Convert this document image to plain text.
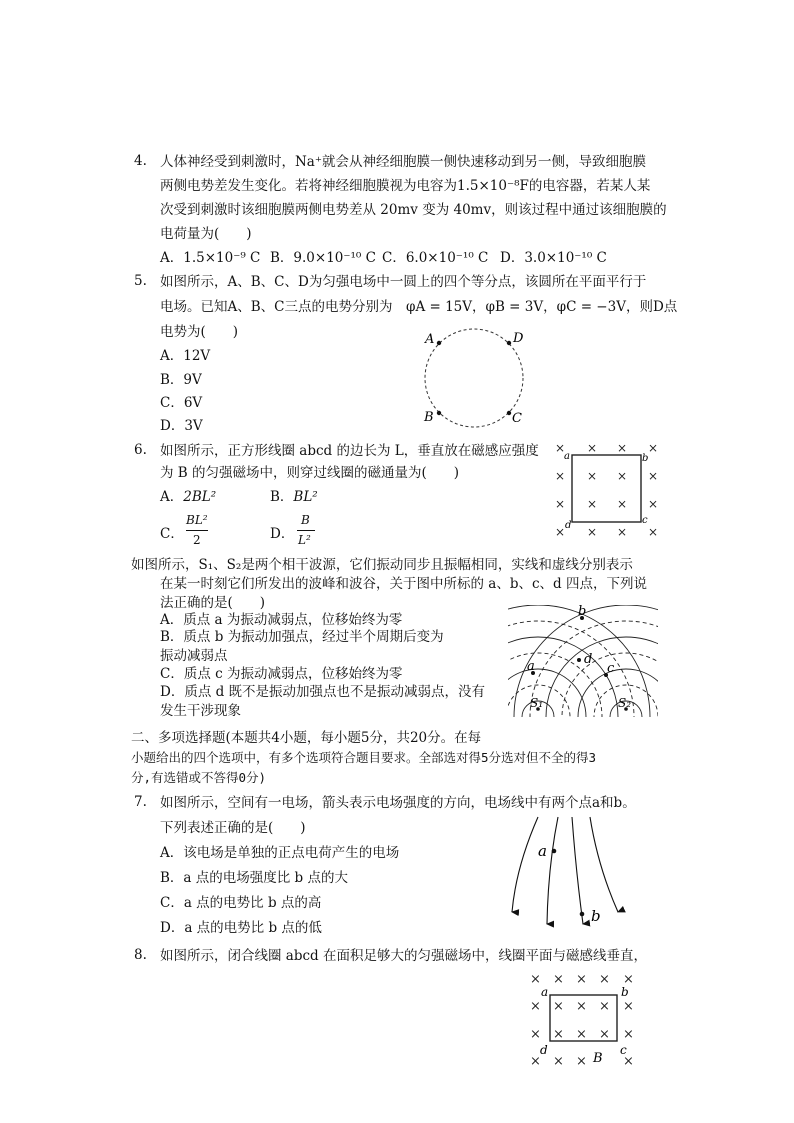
4. 人体神经受到刺激时，Na⁺就会从神经细胞膜一侧快速移动到另一侧，导致细胞膜
两侧电势差发生变化。若将神经细胞膜视为电容为1.5×10⁻⁸F的电容器，若某人某
次受到刺激时该细胞膜两侧电势差从 20mv 变为 40mv，则该过程中通过该细胞膜的
电荷量为(　　)
A．1.5×10⁻⁹ C B．9.0×10⁻¹⁰ C C．6.0×10⁻¹⁰ C D．3.0×10⁻¹⁰ C
5. 如图所示，A、B、C、D为匀强电场中一圆上的四个等分点，该圆所在平面平行于
电场。已知A、B、C三点的电势分别为　φA = 15V，φB = 3V，φC = −3V，则D点
电势为(　　)
A．12V
B．9V
C．6V
D．3V
A
B	C
D
6. 如图所示，正方形线圈 abcd 的边长为 L，垂直放在磁感应强度
为 B 的匀强磁场中，则穿过线圈的磁通量为(　　)
A．2BL²	B．BL²
C．
BL²
2	D．
B
L²
× × × ×
× × × ×
× × × ×
× × × ×
a	b
c
d
如图所示，S₁、S₂是两个相干波源，它们振动同步且振幅相同，实线和虚线分别表示
在某一时刻它们所发出的波峰和波谷，关于图中所标的 a、b、c、d 四点，下列说
法正确的是(　　)
A．质点 a 为振动减弱点，位移始终为零
B．质点 b 为振动加强点，经过半个周期后变为
振动减弱点
C．质点 c 为振动减弱点，位移始终为零
D．质点 d 既不是振动加强点也不是振动减弱点，没有
发生干涉现象
a
b
c
d
S₁	S₂
二、多项选择题(本题共4小题，每小题5分，共20分。在每
小题给出的四个选项中，有多个选项符合题目要求。全部选对得5分选对但不全的得3
分,有选错或不答得0分)
7. 如图所示，空间有一电场，箭头表示电场强度的方向，电场线中有两个点a和b。
下列表述正确的是(　　)
A．该电场是单独的正点电荷产生的电场
B．a 点的电场强度比 b 点的大
C．a 点的电势比 b 点的高
D．a 点的电势比 b 点的低
a
b
8. 如图所示，闭合线圈 abcd 在面积足够大的匀强磁场中，线圈平面与磁感线垂直，
× × × × ×
× × × × ×
× × × × ×
× × ×	×
a	b
c
d
B
